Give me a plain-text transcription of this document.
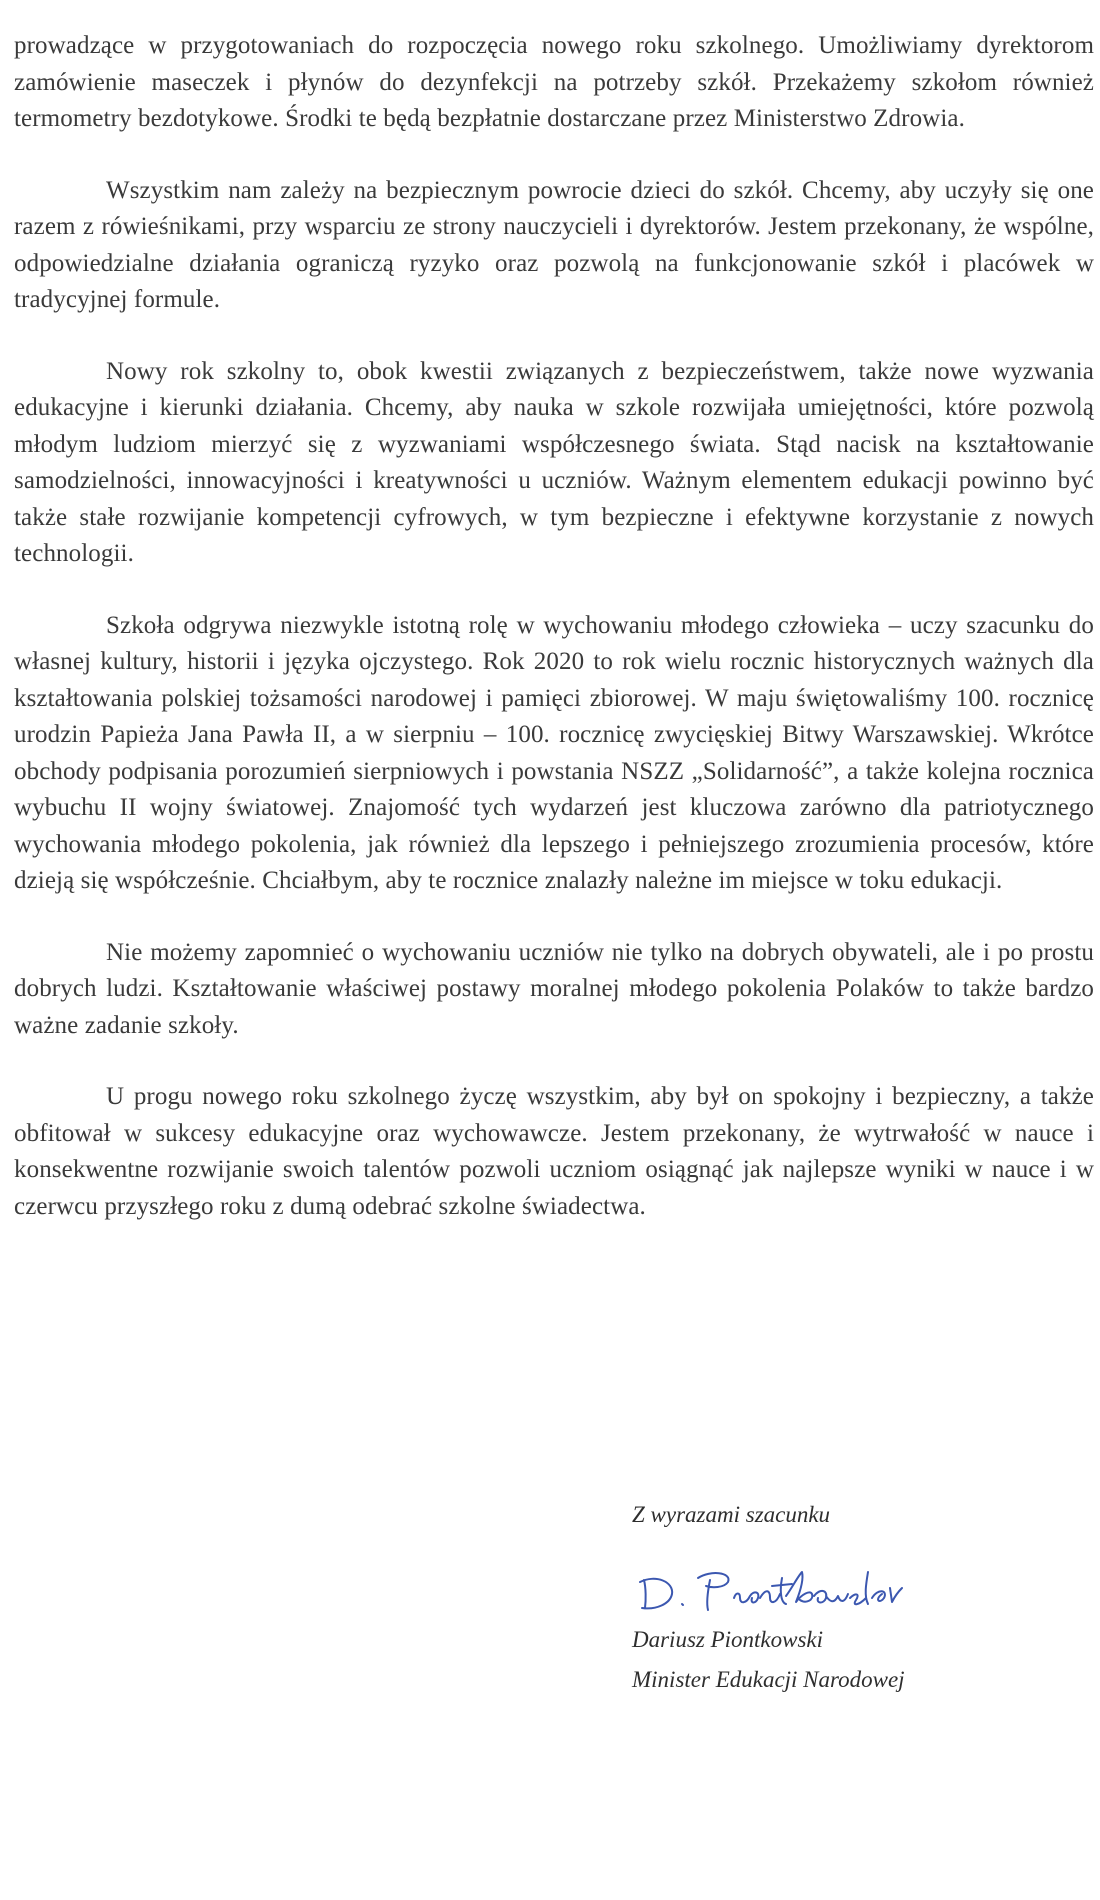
prowadzące w przygotowaniach do rozpoczęcia nowego roku szkolnego. Umożliwiamy dyrektorom zamówienie maseczek i płynów do dezynfekcji na potrzeby szkół. Przekażemy szkołom również termometry bezdotykowe. Środki te będą bezpłatnie dostarczane przez Ministerstwo Zdrowia.

Wszystkim nam zależy na bezpiecznym powrocie dzieci do szkół. Chcemy, aby uczyły się one razem z rówieśnikami, przy wsparciu ze strony nauczycieli i dyrektorów. Jestem przekonany, że wspólne, odpowiedzialne działania ograniczą ryzyko oraz pozwolą na funkcjonowanie szkół i placówek w tradycyjnej formule.

Nowy rok szkolny to, obok kwestii związanych z bezpieczeństwem, także nowe wyzwania edukacyjne i kierunki działania. Chcemy, aby nauka w szkole rozwijała umiejętności, które pozwolą młodym ludziom mierzyć się z wyzwaniami współczesnego świata. Stąd nacisk na kształtowanie samodzielności, innowacyjności i kreatywności u uczniów. Ważnym elementem edukacji powinno być także stałe rozwijanie kompetencji cyfrowych, w tym bezpieczne i efektywne korzystanie z nowych technologii.

Szkoła odgrywa niezwykle istotną rolę w wychowaniu młodego człowieka – uczy szacunku do własnej kultury, historii i języka ojczystego. Rok 2020 to rok wielu rocznic historycznych ważnych dla kształtowania polskiej tożsamości narodowej i pamięci zbiorowej. W maju świętowaliśmy 100. rocznicę urodzin Papieża Jana Pawła II, a w sierpniu – 100. rocznicę zwycięskiej Bitwy Warszawskiej. Wkrótce obchody podpisania porozumień sierpniowych i powstania NSZZ „Solidarność”, a także kolejna rocznica wybuchu II wojny światowej. Znajomość tych wydarzeń jest kluczowa zarówno dla patriotycznego wychowania młodego pokolenia, jak również dla lepszego i pełniejszego zrozumienia procesów, które dzieją się współcześnie. Chciałbym, aby te rocznice znalazły należne im miejsce w toku edukacji.

Nie możemy zapomnieć o wychowaniu uczniów nie tylko na dobrych obywateli, ale i po prostu dobrych ludzi. Kształtowanie właściwej postawy moralnej młodego pokolenia Polaków to także bardzo ważne zadanie szkoły.

U progu nowego roku szkolnego życzę wszystkim, aby był on spokojny i bezpieczny, a także obfitował w sukcesy edukacyjne oraz wychowawcze. Jestem przekonany, że wytrwałość w nauce i konsekwentne rozwijanie swoich talentów pozwoli uczniom osiągnąć jak najlepsze wyniki w nauce i w czerwcu przyszłego roku z dumą odebrać szkolne świadectwa.

Z wyrazami szacunku
Dariusz Piontkowski
Minister Edukacji Narodowej
